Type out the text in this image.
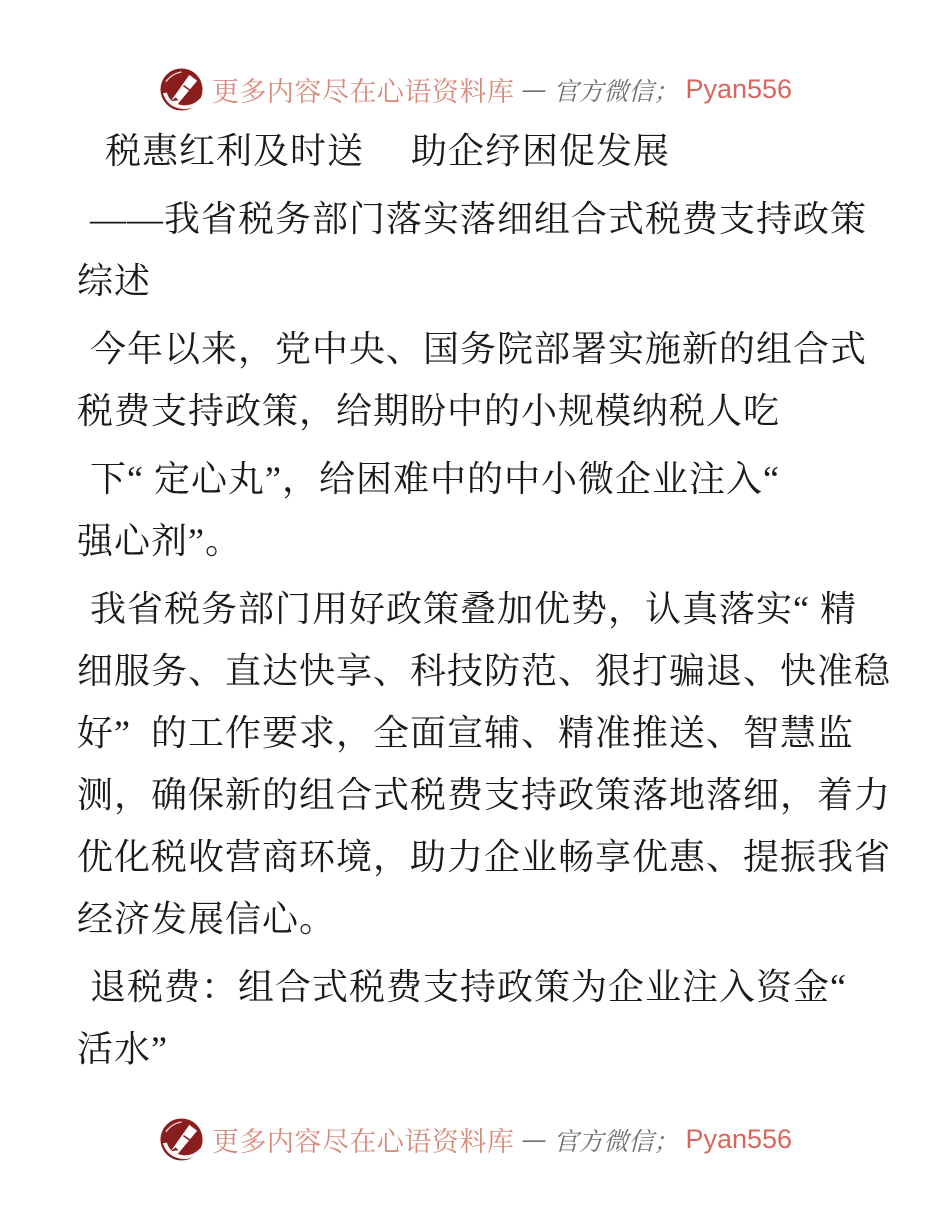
更多内容尽在心语资料库 — 官方微信； Pyan556
税惠红利及时送　 助企纾困促发展
——我省税务部门落实落细组合式税费支持政策
综述
今年以来，党中央、国务院部署实施新的组合式
税费支持政策，给期盼中的小规模纳税人吃
下“ 定心丸”，给困难中的中小微企业注入“
强心剂”。
我省税务部门用好政策叠加优势，认真落实“ 精
细服务、直达快享、科技防范、狠打骗退、快准稳
好”  的工作要求，全面宣辅、精准推送、智慧监
测，确保新的组合式税费支持政策落地落细，着力
优化税收营商环境，助力企业畅享优惠、提振我省
经济发展信心。
退税费：组合式税费支持政策为企业注入资金“
活水”
更多内容尽在心语资料库 — 官方微信； Pyan556
